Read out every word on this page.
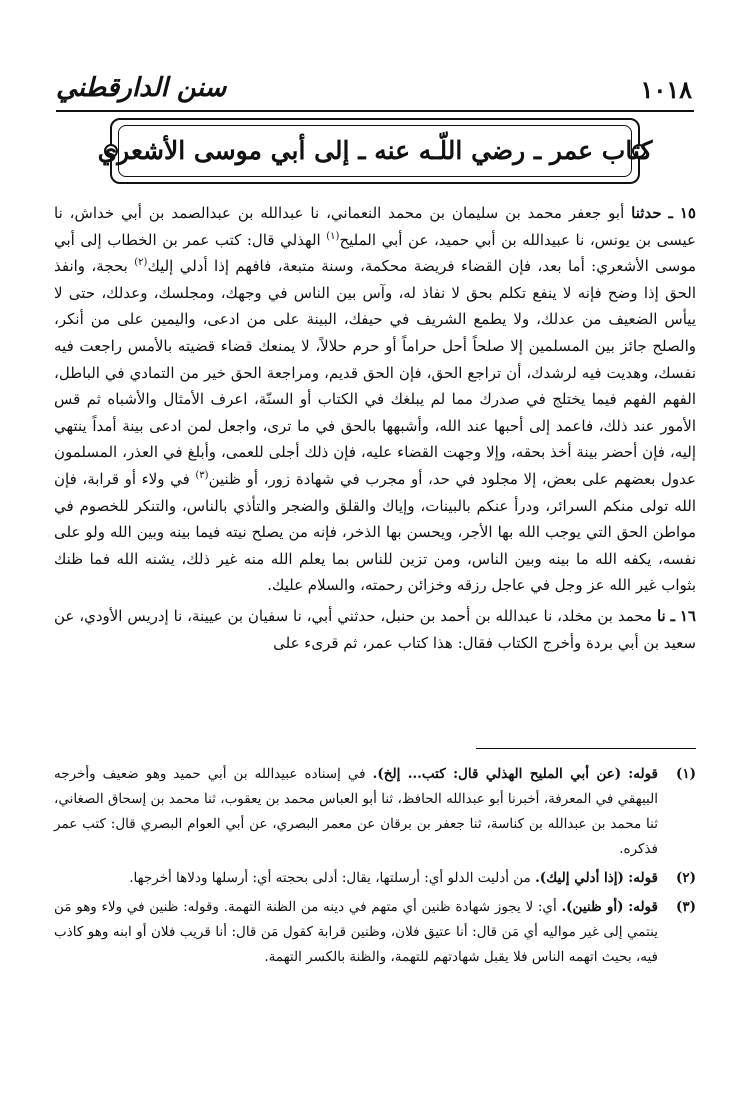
١٠١٨
سنن الدارقطني
كتاب عمر ـ رضي اللّـه عنه ـ إلى أبي موسى الأشعري

١٥ ـ حدثنا أبو جعفر محمد بن سليمان بن محمد النعماني، نا عبدالله بن عبدالصمد بن أبي خداش، نا عيسى بن يونس، نا عبيدالله بن أبي حميد، عن أبي المليح$^{(١)}$ الهذلي قال: كتب عمر بن الخطاب إلى أبي موسى الأشعري: أما بعد، فإن القضاء فريضة محكمة، وسنة متبعة، فافهم إذا أدلي إليك$^{(٢)}$ بحجة، وانفذ الحق إذا وضح فإنه لا ينفع تكلم بحق لا نفاذ له، وآس بين الناس في وجهك، ومجلسك، وعدلك، حتى لا ييأس الضعيف من عدلك، ولا يطمع الشريف في حيفك، البينة على من ادعى، واليمين على من أنكر، والصلح جائز بين المسلمين إلا صلحاً أحل حراماً أو حرم حلالاً، لا يمنعك قضاء قضيته بالأمس راجعت فيه نفسك، وهديت فيه لرشدك، أن تراجع الحق، فإن الحق قديم، ومراجعة الحق خير من التمادي في الباطل، الفهم الفهم فيما يختلج في صدرك مما لم يبلغك في الكتاب أو السنّة، اعرف الأمثال والأشباه ثم قس الأمور عند ذلك، فاعمد إلى أحبها عند الله، وأشبهها بالحق في ما ترى، واجعل لمن ادعى بينة أمداً ينتهي إليه، فإن أحضر بينة أخذ بحقه، وإلا وجهت القضاء عليه، فإن ذلك أجلى للعمى، وأبلغ في العذر، المسلمون عدول بعضهم على بعض، إلا مجلود في حد، أو مجرب في شهادة زور، أو ظنين$^{(٣)}$ في ولاء أو قرابة، فإن الله تولى منكم السرائر، ودرأ عنكم بالبينات، وإياك والقلق والضجر والتأذي بالناس، والتنكر للخصوم في مواطن الحق التي يوجب الله بها الأجر، ويحسن بها الذخر، فإنه من يصلح نيته فيما بينه وبين الله ولو على نفسه، يكفه الله ما بينه وبين الناس، ومن تزين للناس بما يعلم الله منه غير ذلك، يشنه الله فما ظنك بثواب غير الله عز وجل في عاجل رزقه وخزائن رحمته، والسلام عليك.

١٦ ـ نا محمد بن مخلد، نا عبدالله بن أحمد بن حنبل، حدثني أبي، نا سفيان بن عيينة، نا إدريس الأودي، عن سعيد بن أبي بردة وأخرج الكتاب فقال: هذا كتاب عمر، ثم قرىء على

(١)

قوله: (عن أبي المليح الهذلي قال: كتب... إلخ). في إسناده عبيدالله بن أبي حميد وهو ضعيف وأخرجه البيهقي في المعرفة، أخبرنا أبو عبدالله الحافظ، ثنا أبو العباس محمد بن يعقوب، ثنا محمد بن إسحاق الصغاني، ثنا محمد بن عبدالله بن كناسة، ثنا جعفر بن برقان عن معمر البصري، عن أبي العوام البصري قال: كتب عمر فذكره.

(٢)

قوله: (إذا أدلي إليك). من أدليت الدلو أي: أرسلتها، يقال: أدلى بحجته أي: أرسلها ودلاها أخرجها.

(٣)

قوله: (أو ظنين). أي: لا يجوز شهادة ظنين أي متهم في دينه من الظنة التهمة. وقوله: ظنين في ولاء وهو مَن ينتمي إلى غير مواليه أي مَن قال: أنا عتيق فلان، وظنين قرابة كقول مَن قال: أنا قريب فلان أو ابنه وهو كاذب فيه، بحيث اتهمه الناس فلا يقبل شهادتهم للتهمة، والظنة بالكسر التهمة.
